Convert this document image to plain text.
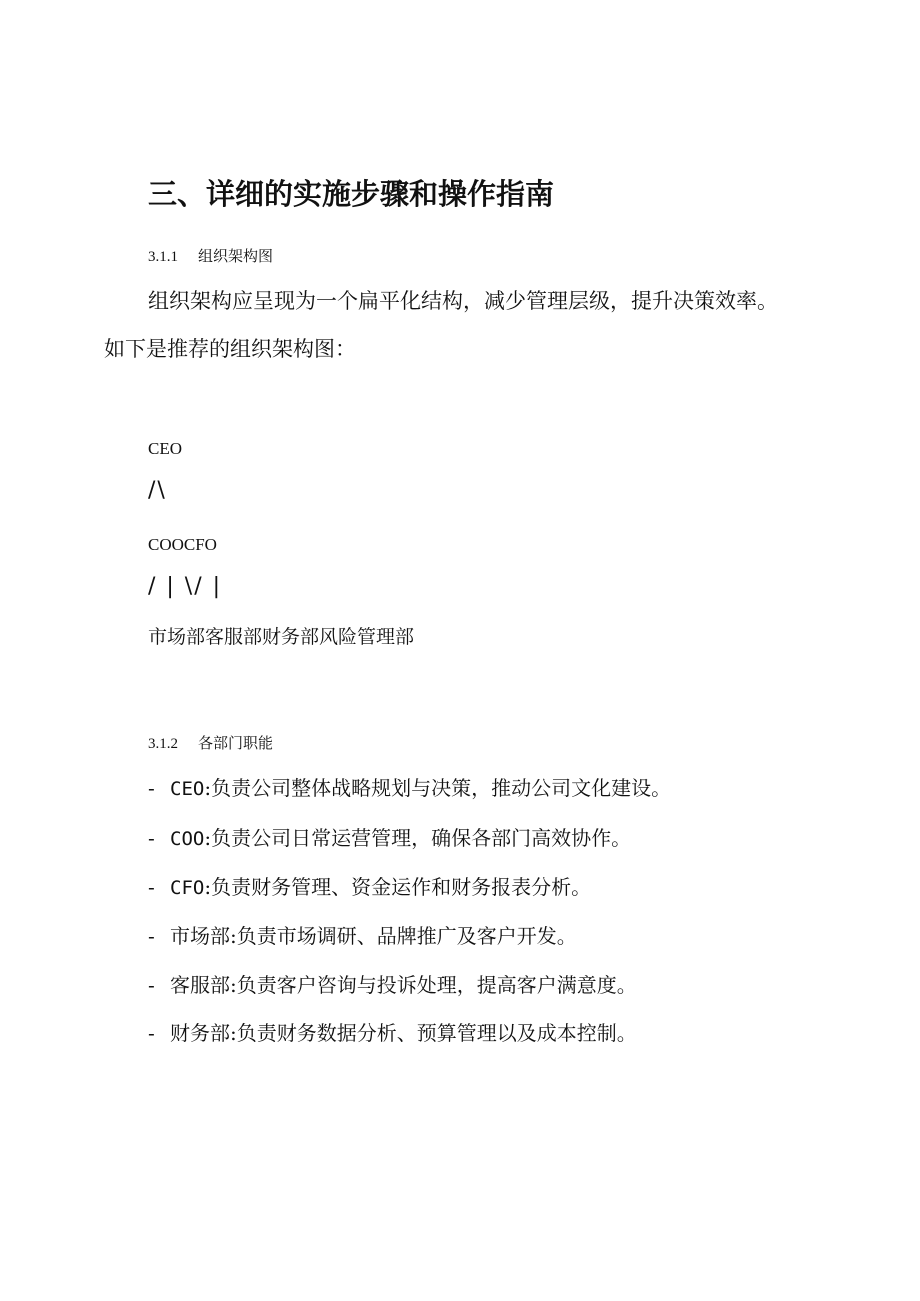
三、详细的实施步骤和操作指南
3.1.1 组织架构图

组织架构应呈现为一个扁平化结构，减少管理层级，提升决策效率。

如下是推荐的组织架构图：

CEO
/\
COOCFO
/ | \/ |
市场部客服部财务部风险管理部
3.1.2 各部门职能
- CEO:负责公司整体战略规划与决策，推动公司文化建设。
- COO:负责公司日常运营管理，确保各部门高效协作。
- CFO:负责财务管理、资金运作和财务报表分析。
- 市场部:负责市场调研、品牌推广及客户开发。
- 客服部:负责客户咨询与投诉处理，提高客户满意度。
- 财务部:负责财务数据分析、预算管理以及成本控制。
